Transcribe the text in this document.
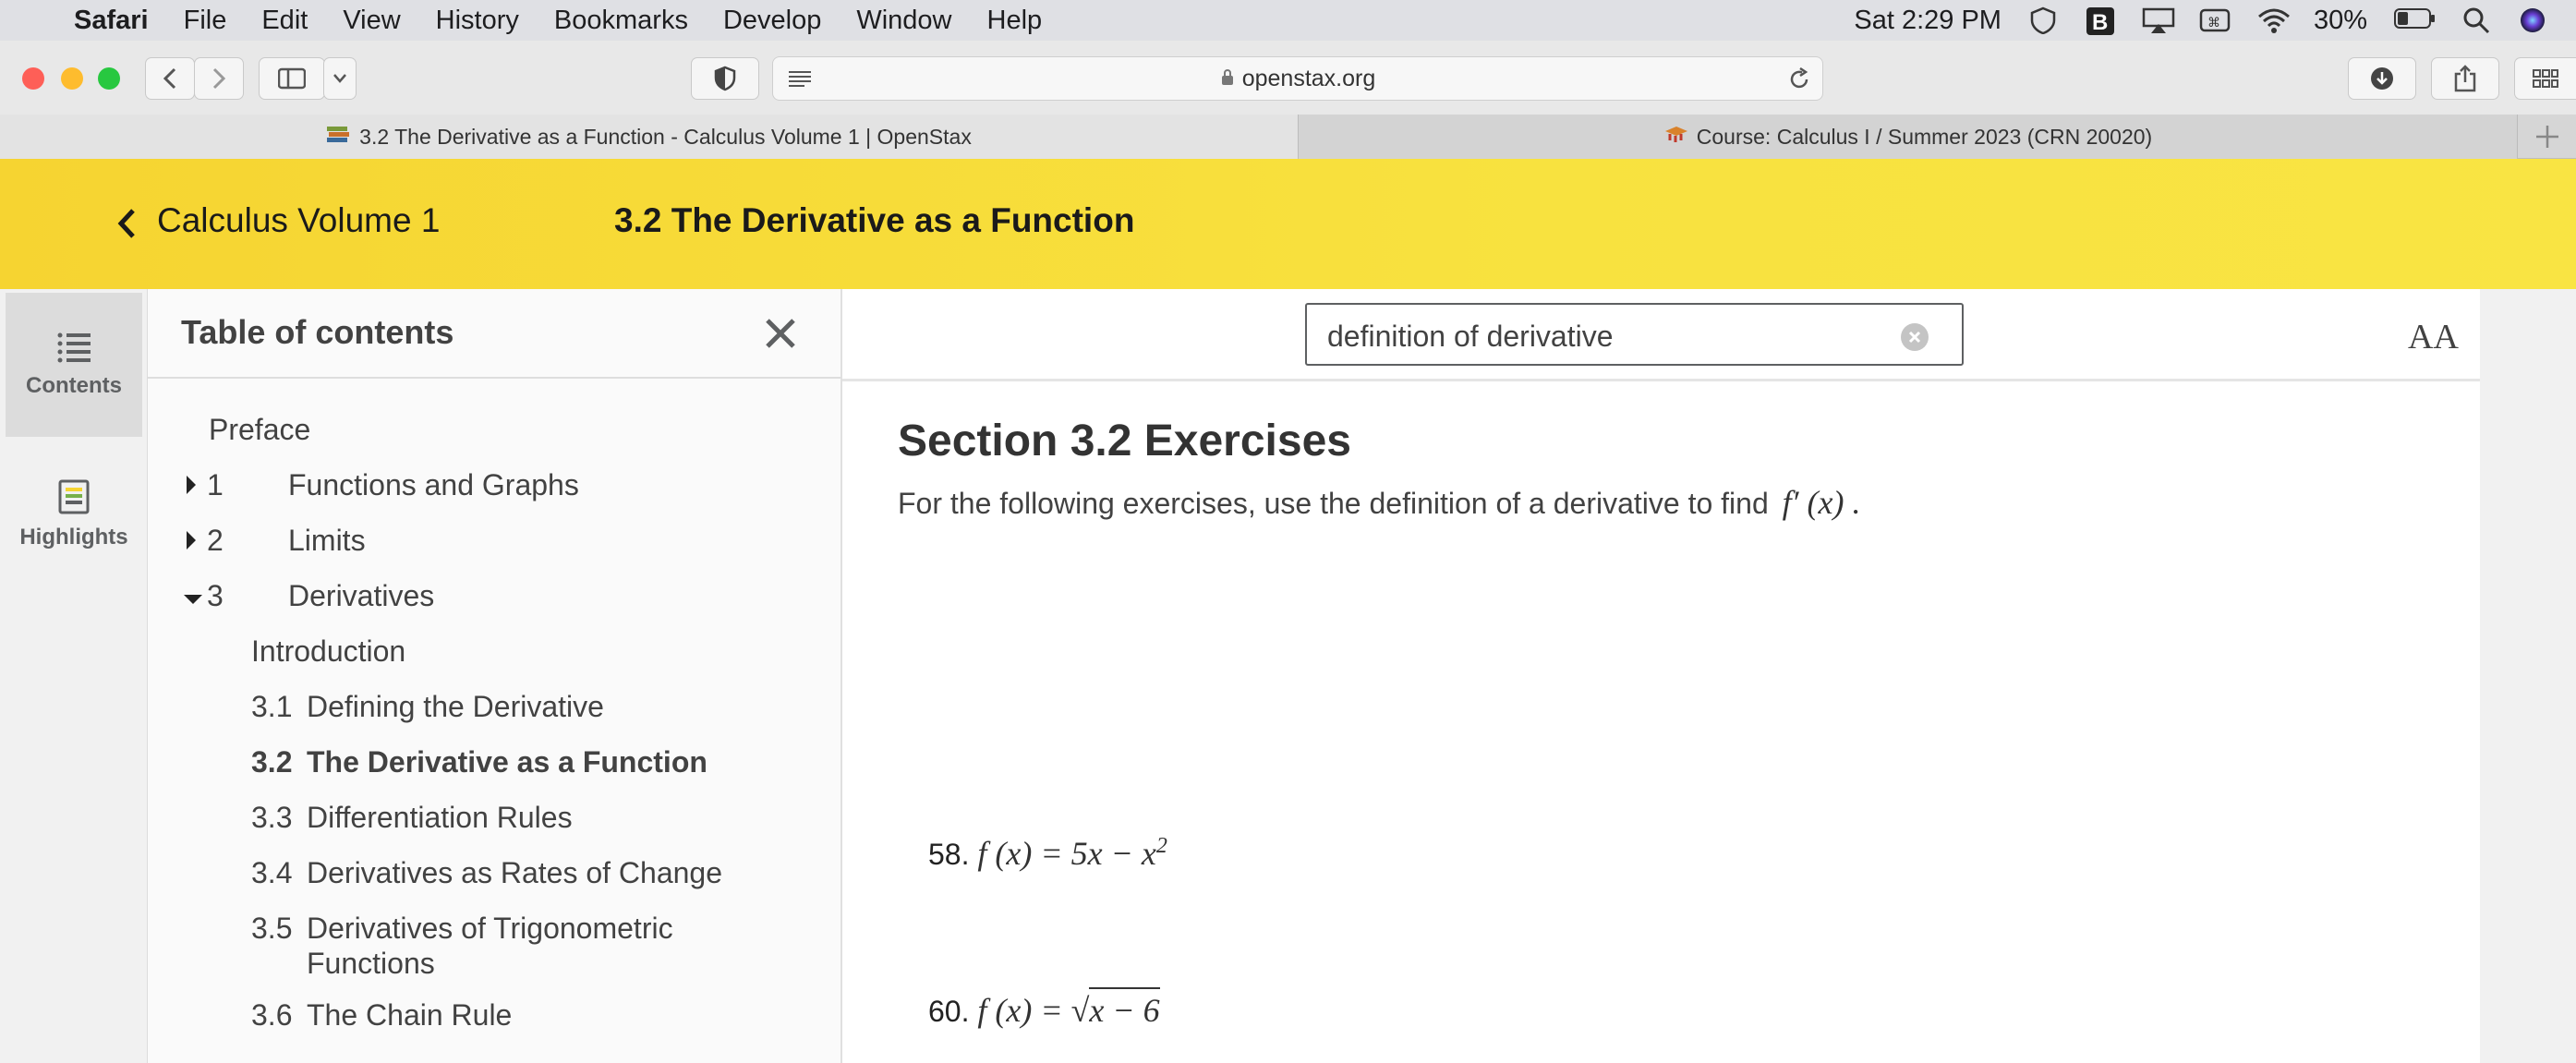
Safari File Edit View History Bookmarks Develop Window Help	Sat 2:29 PM	B	⌘	30%
openstax.org
3.2 The Derivative as a Function - Calculus Volume 1 | OpenStax	Course: Calculus I / Summer 2023 (CRN 20020)
Calculus Volume 1	3.2 The Derivative as a Function
Contents
Highlights
Table of contents
Preface
1 Functions and Graphs
2 Limits
3 Derivatives
Introduction
3.1 Defining the Derivative
3.2 The Derivative as a Function
3.3 Differentiation Rules
3.4 Derivatives as Rates of Change
3.5 Derivatives of Trigonometric
Functions
3.6 The Chain Rule
definition of derivative	AA
Section 3.2 Exercises
For the following exercises, use the definition of a derivative to find f′ (x) .
58. f $(x) = 5x - x^2$
60. f (x) = √x − 6
